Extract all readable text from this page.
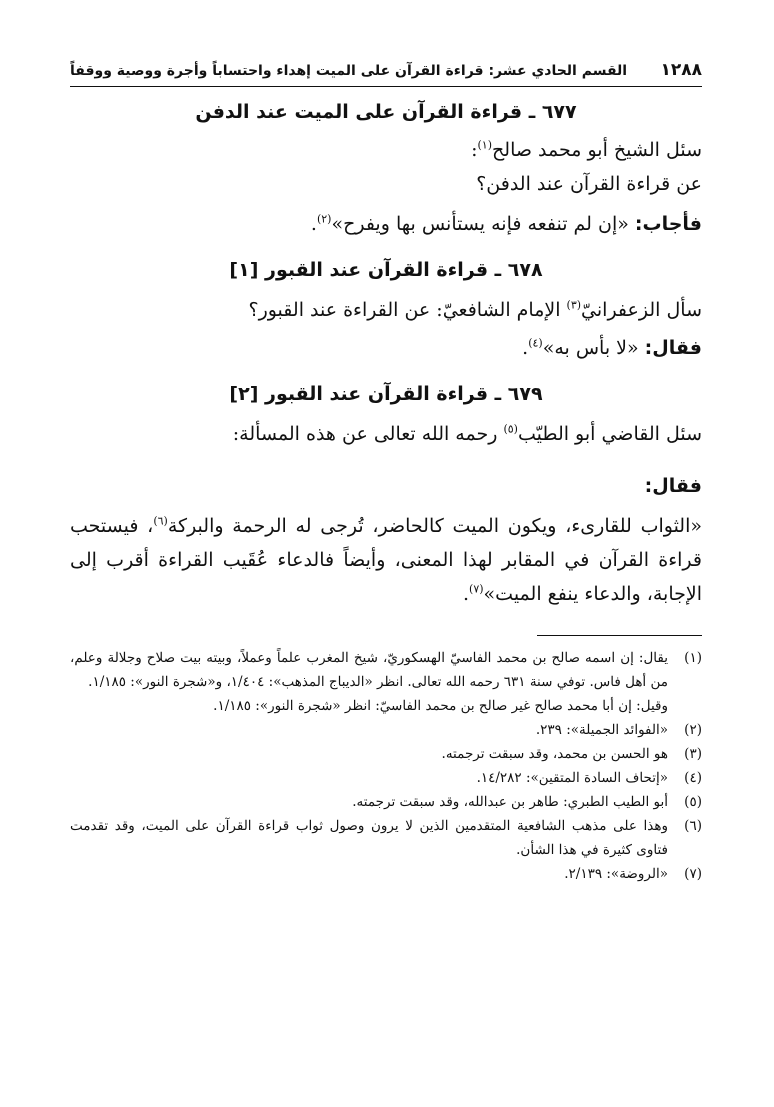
١٢٨٨
القسم الحادي عشر: قراءة القرآن على الميت إهداء واحتساباً وأجرة ووصية ووقفاً
٦٧٧ ـ قراءة القرآن على الميت عند الدفن

سئل الشيخ أبو محمد صالح$^{(١)}$:

عن قراءة القرآن عند الدفن؟

فأجاب: «إن لم تنفعه فإنه يستأنس بها ويفرح»$^{(٢)}$.

٦٧٨ ـ قراءة القرآن عند القبور [١]

سأل الزعفرانيّ$^{(٣)}$ الإمام الشافعيّ: عن القراءة عند القبور؟

فقال: «لا بأس به»$^{(٤)}$.

٦٧٩ ـ قراءة القرآن عند القبور [٢]

سئل القاضي أبو الطيّب$^{(٥)}$ رحمه الله تعالى عن هذه المسألة:

فقال:

«الثواب للقارىء، ويكون الميت كالحاضر، تُرجى له الرحمة والبركة$^{(٦)}$، فيستحب قراءة القرآن في المقابر لهذا المعنى، وأيضاً فالدعاء عُقَيب القراءة أقرب إلى الإجابة، والدعاء ينفع الميت»$^{(٧)}$.

(١)
يقال: إن اسمه صالح بن محمد الفاسيّ الهسكوريّ، شيخ المغرب علماً وعملاً، وبيته بيت صلاح وجلالة وعلم، من أهل فاس. توفي سنة ٦٣١ رحمه الله تعالى. انظر «الديباج المذهب»: ١/٤٠٤، و«شجرة النور»: ١/١٨٥.

وقيل: إن أبا محمد صالح غير صالح بن محمد الفاسيّ: انظر «شجرة النور»: ١/١٨٥.

(٢)
«الفوائد الجميلة»: ٢٣٩.
(٣)
هو الحسن بن محمد، وقد سبقت ترجمته.
(٤)
«إتحاف السادة المتقين»: ١٤/٢٨٢.
(٥)
أبو الطيب الطبري: طاهر بن عبدالله، وقد سبقت ترجمته.
(٦)
وهذا على مذهب الشافعية المتقدمين الذين لا يرون وصول ثواب قراءة القرآن على الميت، وقد تقدمت فتاوى كثيرة في هذا الشأن.
(٧)
«الروضة»: ٢/١٣٩.
